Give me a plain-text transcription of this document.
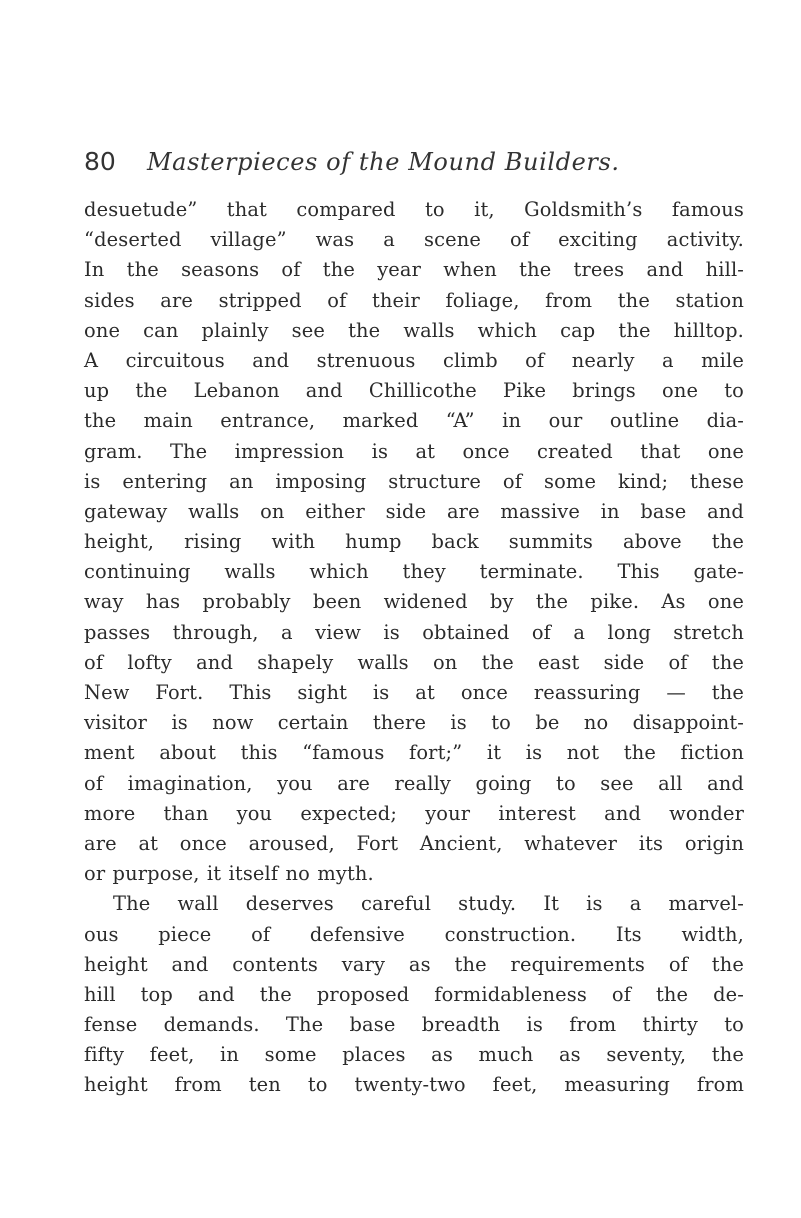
80 Masterpieces of the Mound Builders.
desuetude” that compared to it, Goldsmith’s famous
“deserted village” was a scene of exciting activity.
In the seasons of the year when the trees and hill-
sides are stripped of their foliage, from the station
one can plainly see the walls which cap the hilltop.
A circuitous and strenuous climb of nearly a mile
up the Lebanon and Chillicothe Pike brings one to
the main entrance, marked “A” in our outline dia-
gram. The impression is at once created that one
is entering an imposing structure of some kind; these
gateway walls on either side are massive in base and
height, rising with hump back summits above the
continuing walls which they terminate. This gate-
way has probably been widened by the pike. As one
passes through, a view is obtained of a long stretch
of lofty and shapely walls on the east side of the
New Fort. This sight is at once reassuring — the
visitor is now certain there is to be no disappoint-
ment about this “famous fort;” it is not the fiction
of imagination, you are really going to see all and
more than you expected; your interest and wonder
are at once aroused, Fort Ancient, whatever its origin
or purpose, it itself no myth.
The wall deserves careful study. It is a marvel-
ous piece of defensive construction. Its width,
height and contents vary as the requirements of the
hill top and the proposed formidableness of the de-
fense demands. The base breadth is from thirty to
fifty feet, in some places as much as seventy, the
height from ten to twenty-two feet, measuring from
